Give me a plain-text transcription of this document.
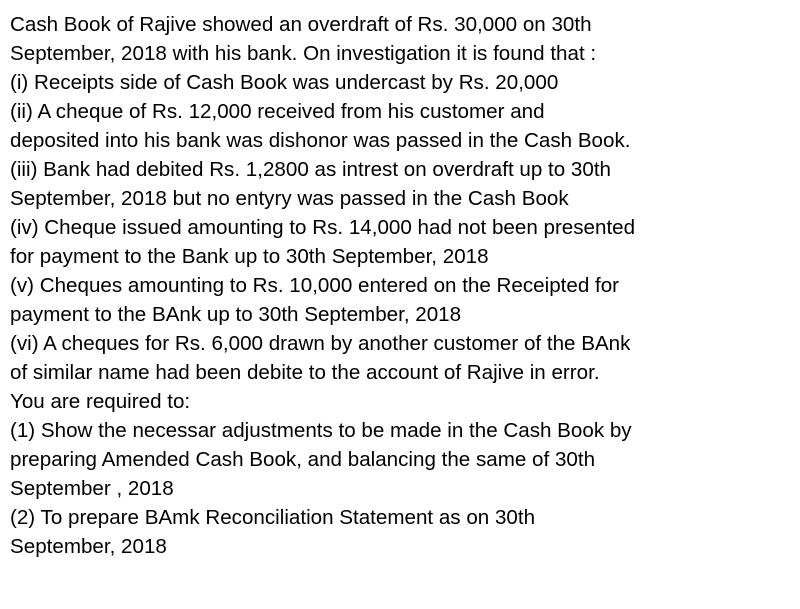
Cash Book of Rajive showed an overdraft of Rs. 30,000 on 30th
September, 2018 with his bank. On investigation it is found that :
(i) Receipts side of Cash Book was undercast by Rs. 20,000
(ii) A cheque of Rs. 12,000 received from his customer and
deposited into his bank was dishonor was passed in the Cash Book.
(iii) Bank had debited Rs. 1,2800 as intrest on overdraft up to 30th
September, 2018 but no entyry was passed in the Cash Book
(iv) Cheque issued amounting to Rs. 14,000 had not been presented
for payment to the Bank up to 30th September, 2018
(v) Cheques amounting to Rs. 10,000 entered on the Receipted for
payment to the BAnk up to 30th September, 2018
(vi) A cheques for Rs. 6,000 drawn by another customer of the BAnk
of similar name had been debite to the account of Rajive in error.
You are required to:
(1) Show the necessar adjustments to be made in the Cash Book by
preparing Amended Cash Book, and balancing the same of 30th
September , 2018
(2) To prepare BAmk Reconciliation Statement as on 30th
September, 2018
